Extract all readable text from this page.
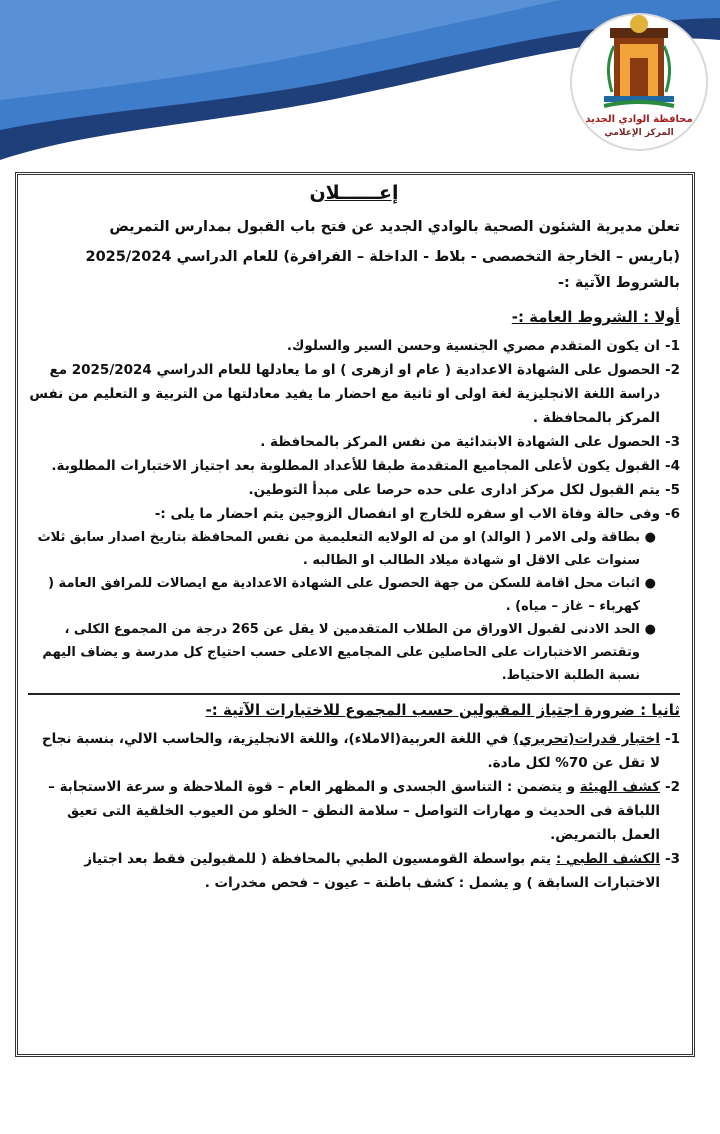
محافظة الوادي الجديد
المركز الإعلامي
إعــــــلان

تعلن مديرية الشئون الصحية بالوادي الجديد عن فتح باب القبول بمدارس التمريض

(باريس – الخارجة التخصصى - بلاط - الداخلة – الفرافرة) للعام الدراسي 2025/2024

بالشروط الآتية :-

أولا : الشروط العامة :-
1-
ان يكون المتقدم مصري الجنسية وحسن السير والسلوك.
2-
الحصول على الشهادة الاعدادية ( عام او ازهرى ) او ما يعادلها للعام الدراسي 2025/2024 مع دراسة اللغة الانجليزية لغة اولى او ثانية مع احضار ما يفيد معادلتها من التربية و التعليم من نفس المركز بالمحافظة .
3-
الحصول على الشهادة الابتدائية من نفس المركز بالمحافظة .
4-
القبول يكون لأعلى المجاميع المتقدمة طبقا للأعداد المطلوبة بعد اجتياز الاختبارات المطلوبة.
5-
يتم القبول لكل مركز ادارى على حده حرصا على مبدأ التوطين.
6-
وفى حالة وفاة الاب او سفره للخارج او انفصال الزوجين يتم احضار ما يلى :-
●
بطاقة ولى الامر ( الوالد) او من له الولايه التعليمية من نفس المحافظة بتاريخ اصدار سابق ثلاث سنوات على الاقل او شهادة ميلاد الطالب او الطالبه .
●
اثبات محل اقامة للسكن من جهة الحصول على الشهادة الاعدادية مع ايصالات للمرافق العامة ( كهرباء – غاز – مياه) .
●
الحد الادنى لقبول الاوراق من الطلاب المتقدمين لا يقل عن 265 درجة من المجموع الكلى ، وتقتصر الاختبارات على الحاصلين على المجاميع الاعلى حسب احتياج كل مدرسة و يضاف اليهم نسبة الطلبة الاحتياط.
ثانيا : ضرورة اجتياز المقبولين حسب المجموع للاختبارات الآتية :-
1-
اختبار قدرات(تحريري) في اللغة العربية(الاملاء)، واللغة الانجليزية، والحاسب الالي، بنسبة نجاح لا تقل عن 70% لكل مادة.
2-
كشف الهيئة و يتضمن : التناسق الجسدى و المظهر العام – قوة الملاحظة و سرعة الاستجابة – اللباقة فى الحديث و مهارات التواصل – سلامة النطق – الخلو من العيوب الخلقية التى تعيق العمل بالتمريض.
3-
الكشف الطبي : يتم بواسطة القومسيون الطبي بالمحافظة ( للمقبولين فقط بعد اجتياز الاختبارات السابقة ) و يشمل : كشف باطنة – عيون – فحص مخدرات .
